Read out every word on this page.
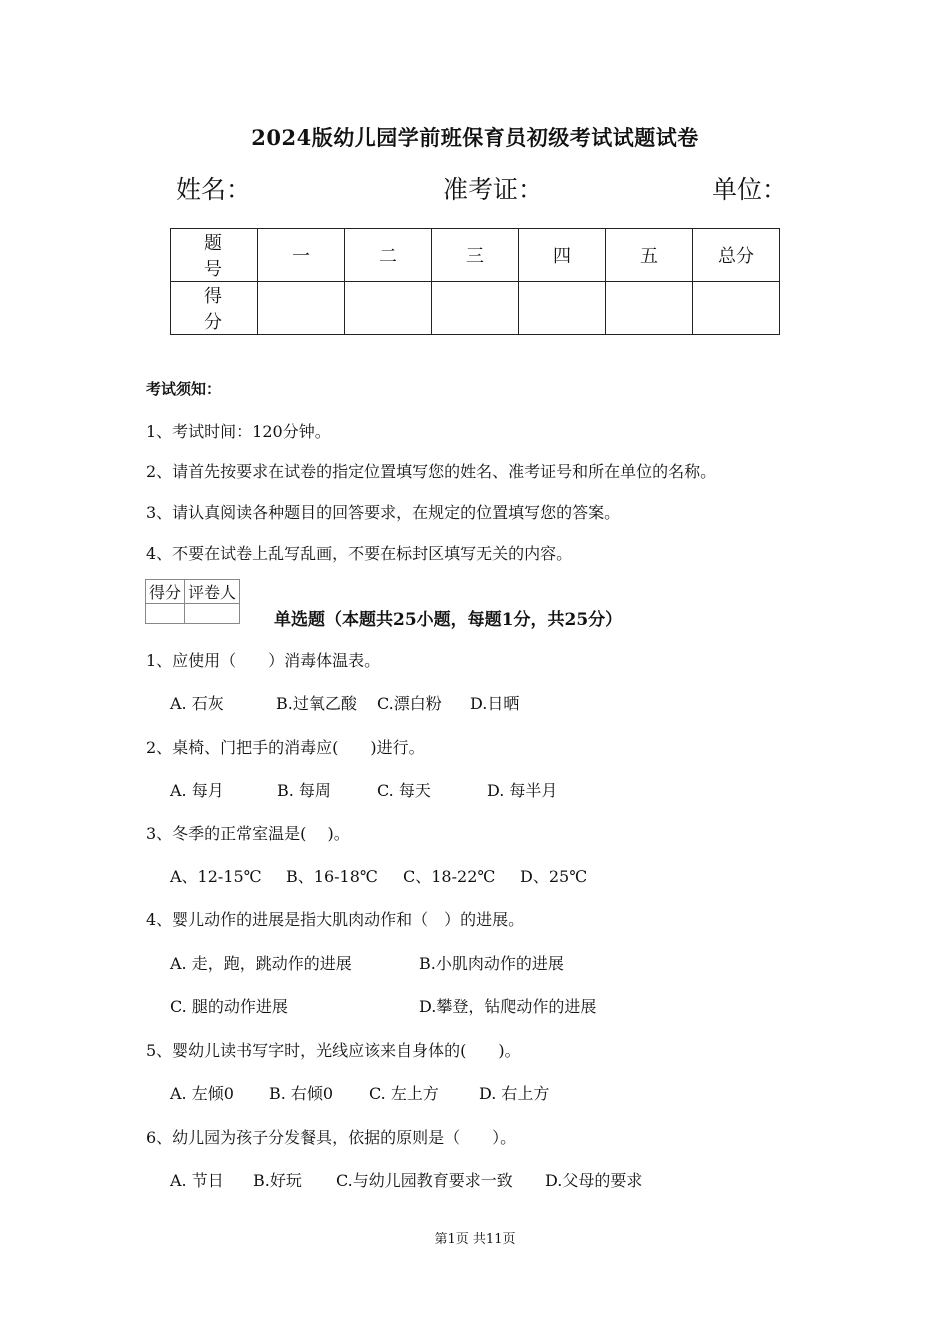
2024版幼儿园学前班保育员初级考试试题试卷
姓名：	准考证：	单位：
题　号	一	二	三	四	五	总分
得　分						
考试须知：
1、考试时间：120分钟。
2、请首先按要求在试卷的指定位置填写您的姓名、准考证号和所在单位的名称。
3、请认真阅读各种题目的回答要求，在规定的位置填写您的答案。
4、不要在试卷上乱写乱画，不要在标封区填写无关的内容。
得分	评卷人

单选题（本题共25小题，每题1分，共25分）
1、应使用（　　）消毒体温表。
A. 石灰	B.过氧乙酸 C.漂白粉 D.日晒
2、桌椅、门把手的消毒应(　　)进行。
A. 每月	B. 每周	C. 每天	D. 每半月
3、冬季的正常室温是(　 )。
A、12-15℃ B、16-18℃ C、18-22℃ D、25℃
4、婴儿动作的进展是指大肌肉动作和（　）的进展。
A. 走，跑，跳动作的进展	B.小肌肉动作的进展
C. 腿的动作进展	D.攀登，钻爬动作的进展
5、婴幼儿读书写字时，光线应该来自身体的(　　)。
A. 左倾0 B. 右倾0 C. 左上方	D. 右上方
6、幼儿园为孩子分发餐具，依据的原则是（　　）。
A. 节日 B.好玩 C.与幼儿园教育要求一致 D.父母的要求
第1页 共11页
